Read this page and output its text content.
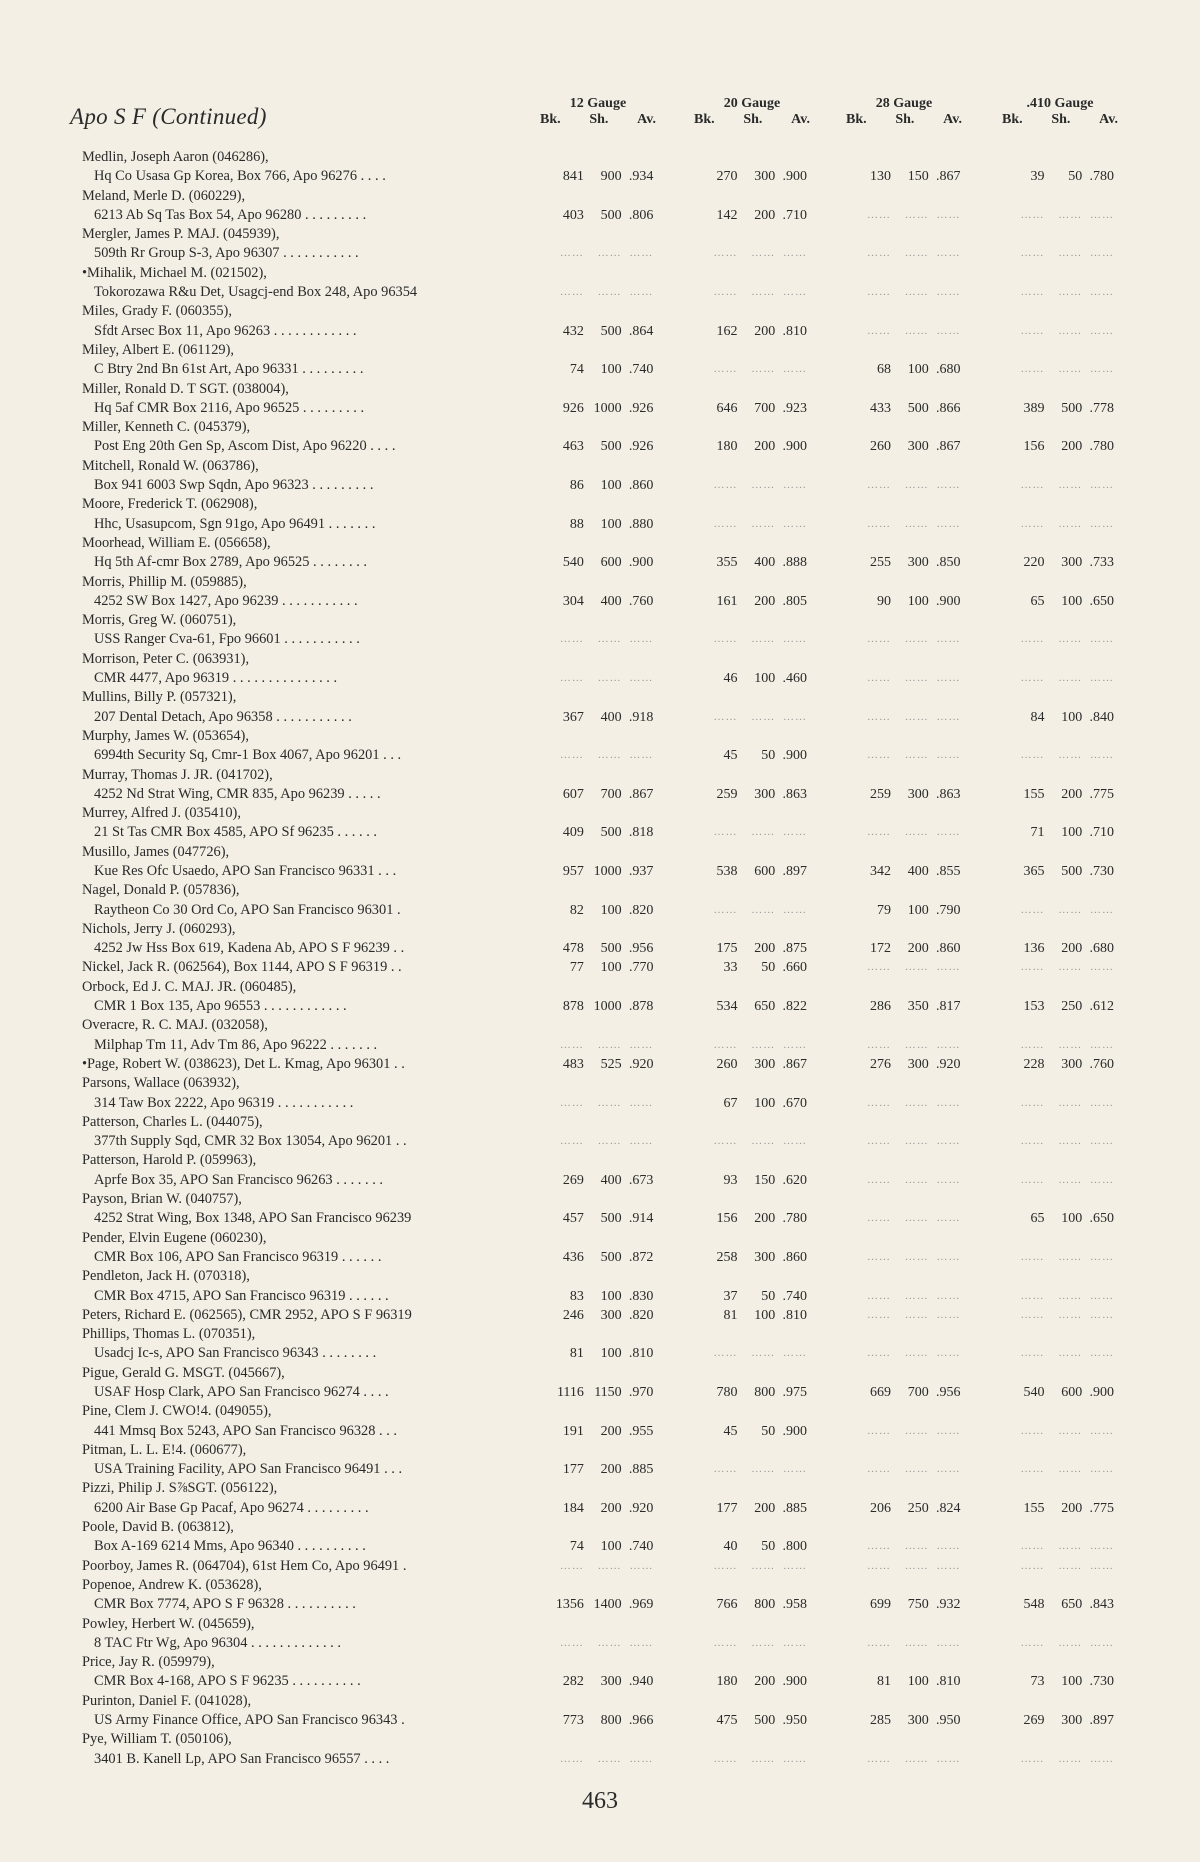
Apo S F (Continued)
12 Gauge
Bk. Sh. Av.
20 Gauge
Bk. Sh. Av.
28 Gauge
Bk. Sh. Av.
.410 Gauge
Bk. Sh. Av.
Medlin, Joseph Aaron (046286),
Hq Co Usasa Gp Korea, Box 766, Apo 96276 . . . .	841	900 .934	270	300 .900	130	150 .867	39	50 .780
Meland, Merle D. (060229),
6213 Ab Sq Tas Box 54, Apo 96280 . . . . . . . . .	403	500 .806	142	200 .710	……	…… ……	……	…… ……
Mergler, James P. MAJ. (045939),
509th Rr Group S-3, Apo 96307 . . . . . . . . . . .	……	…… ……	……	…… ……	……	…… ……	……	…… ……
•Mihalik, Michael M. (021502),
Tokorozawa R&u Det, Usagcj-end Box 248, Apo 96354	……	…… ……	……	…… ……	……	…… ……	……	…… ……
Miles, Grady F. (060355),
Sfdt Arsec Box 11, Apo 96263 . . . . . . . . . . . .	432	500 .864	162	200 .810	……	…… ……	……	…… ……
Miley, Albert E. (061129),
C Btry 2nd Bn 61st Art, Apo 96331 . . . . . . . . .	74	100 .740	……	…… ……	68	100 .680	……	…… ……
Miller, Ronald D. T SGT. (038004),
Hq 5af CMR Box 2116, Apo 96525 . . . . . . . . .	926 1000 .926	646	700 .923	433	500 .866	389	500 .778
Miller, Kenneth C. (045379),
Post Eng 20th Gen Sp, Ascom Dist, Apo 96220 . . . .	463	500 .926	180	200 .900	260	300 .867	156	200 .780
Mitchell, Ronald W. (063786),
Box 941 6003 Swp Sqdn, Apo 96323 . . . . . . . . .	86	100 .860	……	…… ……	……	…… ……	……	…… ……
Moore, Frederick T. (062908),
Hhc, Usasupcom, Sgn 91go, Apo 96491 . . . . . . .	88	100 .880	……	…… ……	……	…… ……	……	…… ……
Moorhead, William E. (056658),
Hq 5th Af-cmr Box 2789, Apo 96525 . . . . . . . .	540	600 .900	355	400 .888	255	300 .850	220	300 .733
Morris, Phillip M. (059885),
4252 SW Box 1427, Apo 96239 . . . . . . . . . . .	304	400 .760	161	200 .805	90	100 .900	65	100 .650
Morris, Greg W. (060751),
USS Ranger Cva-61, Fpo 96601 . . . . . . . . . . .	……	…… ……	……	…… ……	……	…… ……	……	…… ……
Morrison, Peter C. (063931),
CMR 4477, Apo 96319 . . . . . . . . . . . . . . .	……	…… ……	46	100 .460	……	…… ……	……	…… ……
Mullins, Billy P. (057321),
207 Dental Detach, Apo 96358 . . . . . . . . . . .	367	400 .918	……	…… ……	……	…… ……	84	100 .840
Murphy, James W. (053654),
6994th Security Sq, Cmr-1 Box 4067, Apo 96201 . . .	……	…… ……	45	50 .900	……	…… ……	……	…… ……
Murray, Thomas J. JR. (041702),
4252 Nd Strat Wing, CMR 835, Apo 96239 . . . . .	607	700 .867	259	300 .863	259	300 .863	155	200 .775
Murrey, Alfred J. (035410),
21 St Tas CMR Box 4585, APO Sf 96235 . . . . . .	409	500 .818	……	…… ……	……	…… ……	71	100 .710
Musillo, James (047726),
Kue Res Ofc Usaedo, APO San Francisco 96331 . . .	957 1000 .937	538	600 .897	342	400 .855	365	500 .730
Nagel, Donald P. (057836),
Raytheon Co 30 Ord Co, APO San Francisco 96301 .	82	100 .820	……	…… ……	79	100 .790	……	…… ……
Nichols, Jerry J. (060293),
4252 Jw Hss Box 619, Kadena Ab, APO S F 96239 . .	478	500 .956	175	200 .875	172	200 .860	136	200 .680
Nickel, Jack R. (062564), Box 1144, APO S F 96319 . .	77	100 .770	33	50 .660	……	…… ……	……	…… ……
Orbock, Ed J. C. MAJ. JR. (060485),
CMR 1 Box 135, Apo 96553 . . . . . . . . . . . .	878 1000 .878	534	650 .822	286	350 .817	153	250 .612
Overacre, R. C. MAJ. (032058),
Milphap Tm 11, Adv Tm 86, Apo 96222 . . . . . . .	……	…… ……	……	…… ……	……	…… ……	……	…… ……
•Page, Robert W. (038623), Det L. Kmag, Apo 96301 . .	483	525 .920	260	300 .867	276	300 .920	228	300 .760
Parsons, Wallace (063932),
314 Taw Box 2222, Apo 96319 . . . . . . . . . . .	……	…… ……	67	100 .670	……	…… ……	……	…… ……
Patterson, Charles L. (044075),
377th Supply Sqd, CMR 32 Box 13054, Apo 96201 . .	……	…… ……	……	…… ……	……	…… ……	……	…… ……
Patterson, Harold P. (059963),
Aprfe Box 35, APO San Francisco 96263 . . . . . . .	269	400 .673	93	150 .620	……	…… ……	……	…… ……
Payson, Brian W. (040757),
4252 Strat Wing, Box 1348, APO San Francisco 96239	457	500 .914	156	200 .780	……	…… ……	65	100 .650
Pender, Elvin Eugene (060230),
CMR Box 106, APO San Francisco 96319 . . . . . .	436	500 .872	258	300 .860	……	…… ……	……	…… ……
Pendleton, Jack H. (070318),
CMR Box 4715, APO San Francisco 96319 . . . . . .	83	100 .830	37	50 .740	……	…… ……	……	…… ……
Peters, Richard E. (062565), CMR 2952, APO S F 96319	246	300 .820	81	100 .810	……	…… ……	……	…… ……
Phillips, Thomas L. (070351),
Usadcj Ic-s, APO San Francisco 96343 . . . . . . . .	81	100 .810	……	…… ……	……	…… ……	……	…… ……
Pigue, Gerald G. MSGT. (045667),
USAF Hosp Clark, APO San Francisco 96274 . . . .	1116 1150 .970	780	800 .975	669	700 .956	540	600 .900
Pine, Clem J. CWO!4. (049055),
441 Mmsq Box 5243, APO San Francisco 96328 . . .	191	200 .955	45	50 .900	……	…… ……	……	…… ……
Pitman, L. L. E!4. (060677),
USA Training Facility, APO San Francisco 96491 . . .	177	200 .885	……	…… ……	……	…… ……	……	…… ……
Pizzi, Philip J. S⅞SGT. (056122),
6200 Air Base Gp Pacaf, Apo 96274 . . . . . . . . .	184	200 .920	177	200 .885	206	250 .824	155	200 .775
Poole, David B. (063812),
Box A-169 6214 Mms, Apo 96340 . . . . . . . . . .	74	100 .740	40	50 .800	……	…… ……	……	…… ……
Poorboy, James R. (064704), 61st Hem Co, Apo 96491 .	……	…… ……	……	…… ……	……	…… ……	……	…… ……
Popenoe, Andrew K. (053628),
CMR Box 7774, APO S F 96328 . . . . . . . . . .	1356 1400 .969	766	800 .958	699	750 .932	548	650 .843
Powley, Herbert W. (045659),
8 TAC Ftr Wg, Apo 96304 . . . . . . . . . . . . .	……	…… ……	……	…… ……	……	…… ……	……	…… ……
Price, Jay R. (059979),
CMR Box 4-168, APO S F 96235 . . . . . . . . . .	282	300 .940	180	200 .900	81	100 .810	73	100 .730
Purinton, Daniel F. (041028),
US Army Finance Office, APO San Francisco 96343 .	773	800 .966	475	500 .950	285	300 .950	269	300 .897
Pye, William T. (050106),
3401 B. Kanell Lp, APO San Francisco 96557 . . . .	……	…… ……	……	…… ……	……	…… ……	……	…… ……
463
